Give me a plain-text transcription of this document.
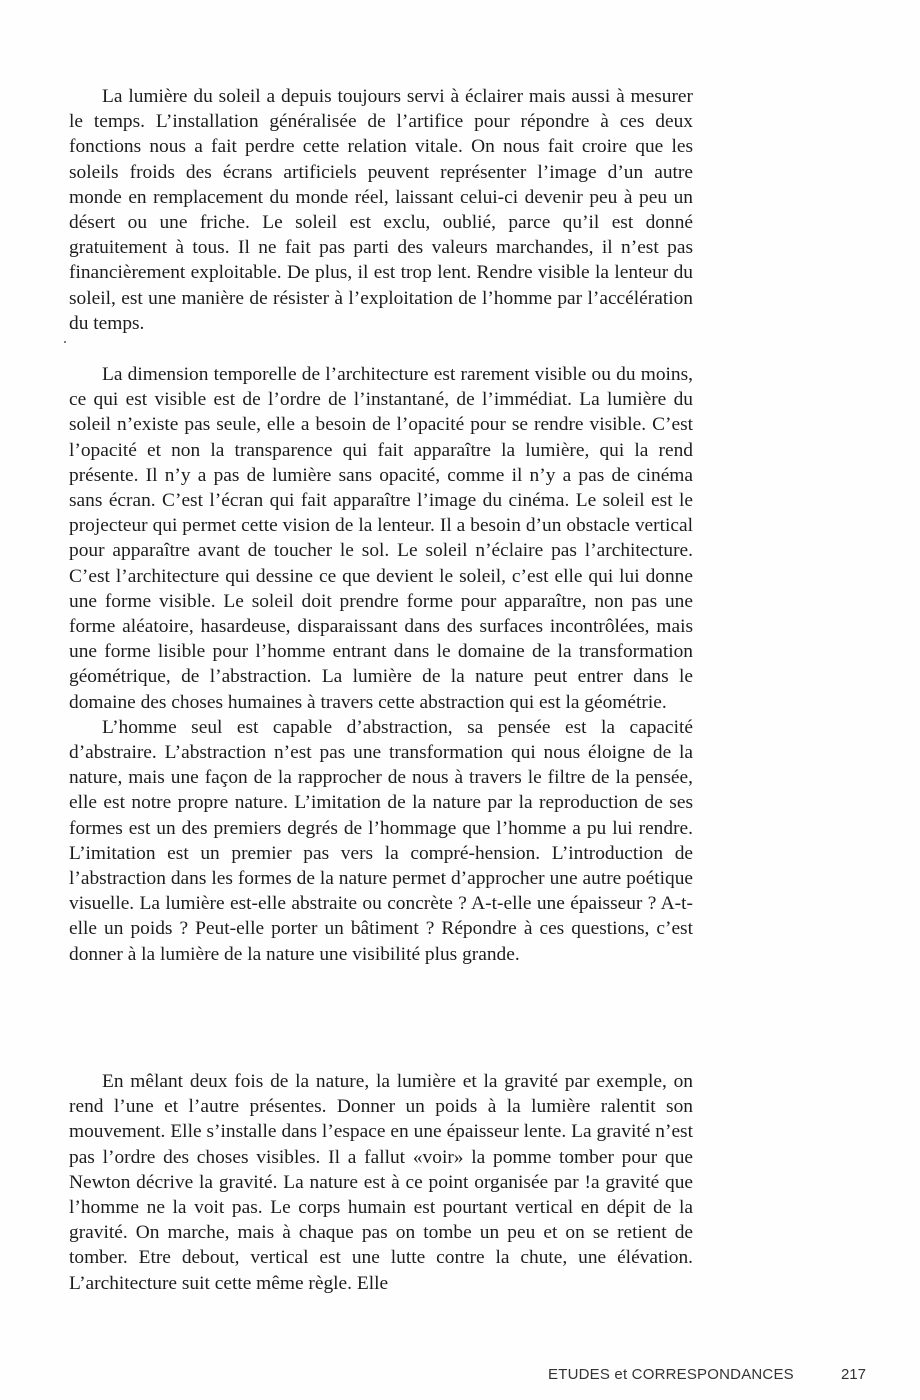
La lumière du soleil a depuis toujours servi à éclairer mais aussi à mesurer le temps. L’installation généralisée de l’artifice pour répondre à ces deux fonctions nous a fait perdre cette relation vitale. On nous fait croire que les soleils froids des écrans artificiels peuvent représenter l’image d’un autre monde en remplacement du monde réel, laissant celui-ci devenir peu à peu un désert ou une friche. Le soleil est exclu, oublié, parce qu’il est donné gratuitement à tous. Il ne fait pas parti des valeurs marchandes, il n’est pas financièrement exploitable. De plus, il est trop lent. Rendre visible la lenteur du soleil, est une manière de résister à l’exploitation de l’homme par l’accélération du temps.

La dimension temporelle de l’architecture est rarement visible ou du moins, ce qui est visible est de l’ordre de l’instantané, de l’immédiat. La lumière du soleil n’existe pas seule, elle a besoin de l’opacité pour se rendre visible. C’est l’opacité et non la transparence qui fait apparaître la lumière, qui la rend présente. Il n’y a pas de lumière sans opacité, comme il n’y a pas de cinéma sans écran. C’est l’écran qui fait apparaître l’image du cinéma. Le soleil est le projecteur qui permet cette vision de la lenteur. Il a besoin d’un obstacle vertical pour apparaître avant de toucher le sol. Le soleil n’éclaire pas l’architecture. C’est l’architecture qui dessine ce que devient le soleil, c’est elle qui lui donne une forme visible. Le soleil doit prendre forme pour apparaître, non pas une forme aléatoire, hasardeuse, disparaissant dans des surfaces incontrôlées, mais une forme lisible pour l’homme entrant dans le domaine de la transformation géométrique, de l’abstraction. La lumière de la nature peut entrer dans le domaine des choses humaines à travers cette abstraction qui est la géométrie.

L’homme seul est capable d’abstraction, sa pensée est la capacité d’abstraire. L’abstraction n’est pas une transformation qui nous éloigne de la nature, mais une façon de la rapprocher de nous à travers le filtre de la pensée, elle est notre propre nature. L’imitation de la nature par la reproduction de ses formes est un des premiers degrés de l’hommage que l’homme a pu lui rendre. L’imitation est un premier pas vers la compré-hension. L’introduction de l’abstraction dans les formes de la nature permet d’approcher une autre poétique visuelle. La lumière est-elle abstraite ou concrète ? A-t-elle une épaisseur ? A-t-elle un poids ? Peut-elle porter un bâtiment ? Répondre à ces questions, c’est donner à la lumière de la nature une visibilité plus grande.

En mêlant deux fois de la nature, la lumière et la gravité par exemple, on rend l’une et l’autre présentes. Donner un poids à la lumière ralentit son mouvement. Elle s’installe dans l’espace en une épaisseur lente. La gravité n’est pas l’ordre des choses visibles. Il a fallut «voir» la pomme tomber pour que Newton décrive la gravité. La nature est à ce point organisée par !a gravité que l’homme ne la voit pas. Le corps humain est pourtant vertical en dépit de la gravité. On marche, mais à chaque pas on tombe un peu et on se retient de tomber. Etre debout, vertical est une lutte contre la chute, une élévation. L’architecture suit cette même règle. Elle

ETUDES et CORRESPONDANCES	217
